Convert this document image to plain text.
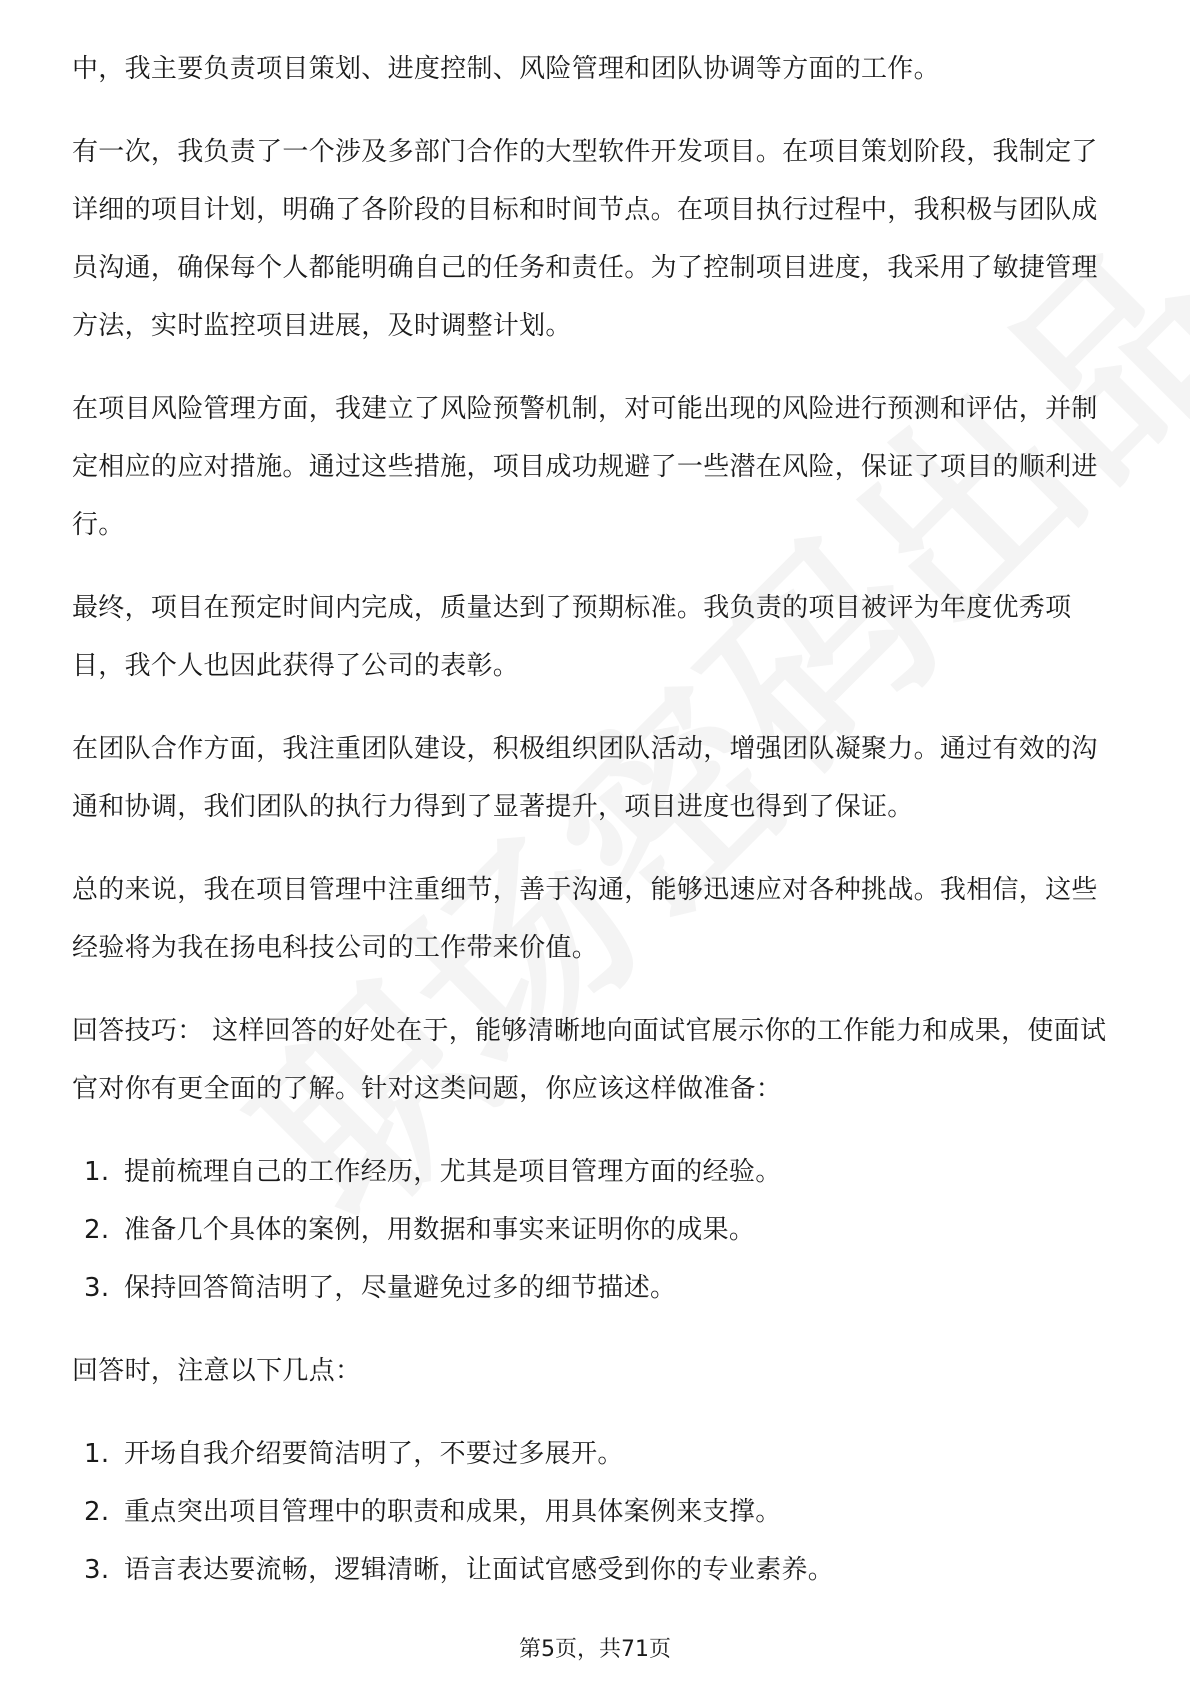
中，我主要负责项目策划、进度控制、风险管理和团队协调等方面的工作。

有一次，我负责了一个涉及多部门合作的大型软件开发项目。在项目策划阶段，我制定了详细的项目计划，明确了各阶段的目标和时间节点。在项目执行过程中，我积极与团队成员沟通，确保每个人都能明确自己的任务和责任。为了控制项目进度，我采用了敏捷管理方法，实时监控项目进展，及时调整计划。

在项目风险管理方面，我建立了风险预警机制，对可能出现的风险进行预测和评估，并制定相应的应对措施。通过这些措施，项目成功规避了一些潜在风险，保证了项目的顺利进行。

最终，项目在预定时间内完成，质量达到了预期标准。我负责的项目被评为年度优秀项目，我个人也因此获得了公司的表彰。

在团队合作方面，我注重团队建设，积极组织团队活动，增强团队凝聚力。通过有效的沟通和协调，我们团队的执行力得到了显著提升，项目进度也得到了保证。

总的来说，我在项目管理中注重细节，善于沟通，能够迅速应对各种挑战。我相信，这些经验将为我在扬电科技公司的工作带来价值。

回答技巧： 这样回答的好处在于，能够清晰地向面试官展示你的工作能力和成果，使面试官对你有更全面的了解。针对这类问题，你应该这样做准备：

1. 提前梳理自己的工作经历，尤其是项目管理方面的经验。
2. 准备几个具体的案例，用数据和事实来证明你的成果。
3. 保持回答简洁明了，尽量避免过多的细节描述。

回答时，注意以下几点：

1. 开场自我介绍要简洁明了，不要过多展开。
2. 重点突出项目管理中的职责和成果，用具体案例来支撑。
3. 语言表达要流畅，逻辑清晰，让面试官感受到你的专业素养。
第5页，共71页
